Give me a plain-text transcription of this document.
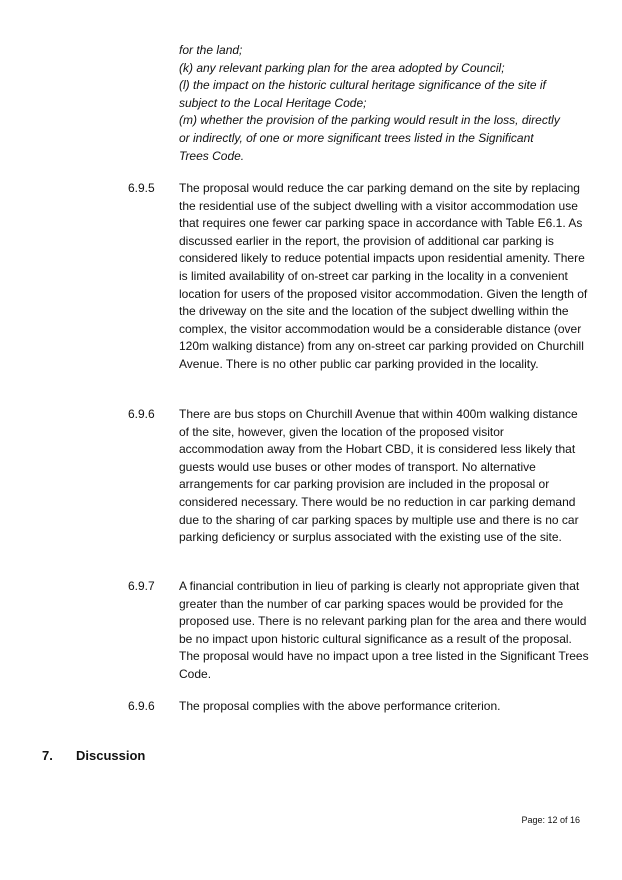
for the land;
(k) any relevant parking plan for the area adopted by Council;
(l) the impact on the historic cultural heritage significance of the site if
subject to the Local Heritage Code;
(m) whether the provision of the parking would result in the loss, directly
or indirectly, of one or more significant trees listed in the Significant
Trees Code.
6.9.5 The proposal would reduce the car parking demand on the site by replacing the residential use of the subject dwelling with a visitor accommodation use that requires one fewer car parking space in accordance with Table E6.1. As discussed earlier in the report, the provision of additional car parking is considered likely to reduce potential impacts upon residential amenity. There is limited availability of on-street car parking in the locality in a convenient location for users of the proposed visitor accommodation. Given the length of the driveway on the site and the location of the subject dwelling within the complex, the visitor accommodation would be a considerable distance (over 120m walking distance) from any on-street car parking provided on Churchill Avenue. There is no other public car parking provided in the locality.
6.9.6 There are bus stops on Churchill Avenue that within 400m walking distance of the site, however, given the location of the proposed visitor accommodation away from the Hobart CBD, it is considered less likely that guests would use buses or other modes of transport. No alternative arrangements for car parking provision are included in the proposal or considered necessary. There would be no reduction in car parking demand due to the sharing of car parking spaces by multiple use and there is no car parking deficiency or surplus associated with the existing use of the site.
6.9.7 A financial contribution in lieu of parking is clearly not appropriate given that greater than the number of car parking spaces would be provided for the proposed use. There is no relevant parking plan for the area and there would be no impact upon historic cultural significance as a result of the proposal. The proposal would have no impact upon a tree listed in the Significant Trees Code.
6.9.6 The proposal complies with the above performance criterion.
7. Discussion
Page: 12 of 16
